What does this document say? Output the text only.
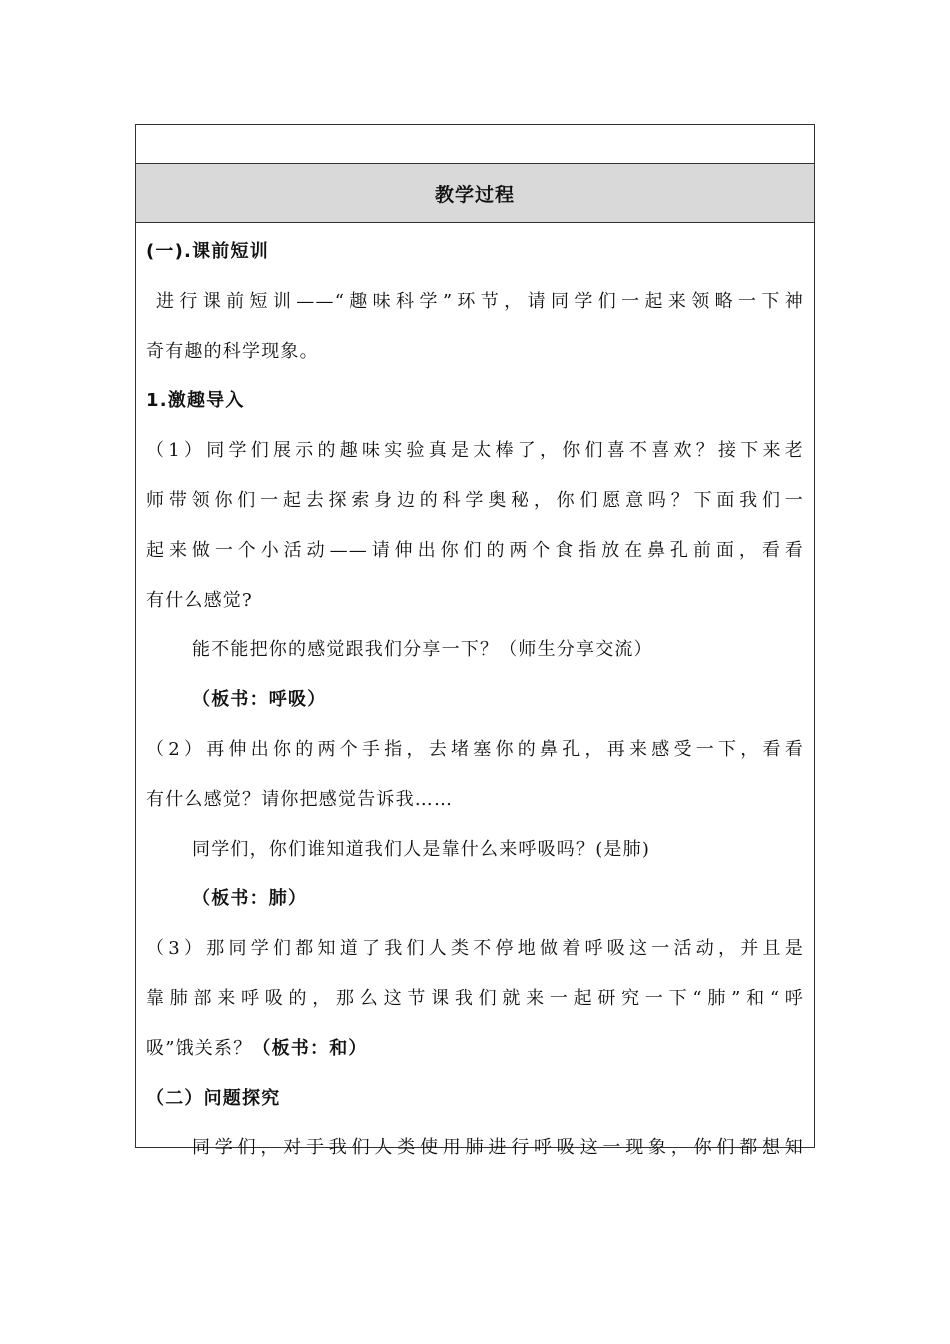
教学过程
(一).课前短训
进行课前短训——“趣味科学”环节，请同学们一起来领略一下神
奇有趣的科学现象。
1.激趣导入
（1）同学们展示的趣味实验真是太棒了，你们喜不喜欢？接下来老
师带领你们一起去探索身边的科学奥秘，你们愿意吗？下面我们一
起来做一个小活动——请伸出你们的两个食指放在鼻孔前面，看看
有什么感觉?
能不能把你的感觉跟我们分享一下？（师生分享交流）
（板书：呼吸）
（2）再伸出你的两个手指，去堵塞你的鼻孔，再来感受一下，看看
有什么感觉？请你把感觉告诉我……
同学们，你们谁知道我们人是靠什么来呼吸吗？(是肺)
（板书：肺）
（3）那同学们都知道了我们人类不停地做着呼吸这一活动，并且是
靠肺部来呼吸的，那么这节课我们就来一起研究一下“肺”和“呼
吸”饿关系？（板书：和）
（二）问题探究
同学们，对于我们人类使用肺进行呼吸这一现象，你们都想知
